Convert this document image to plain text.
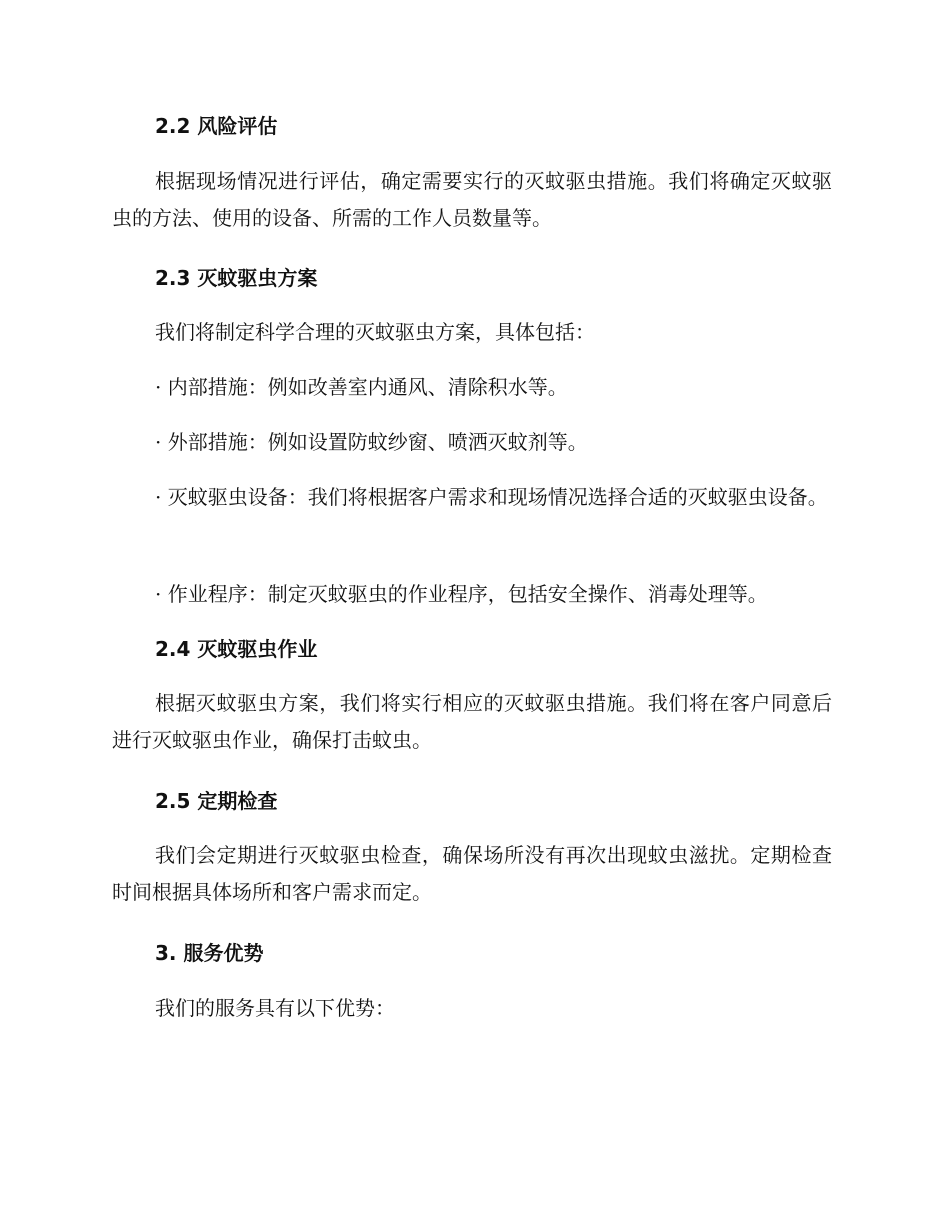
2.2 风险评估

根据现场情况进行评估，确定需要实行的灭蚊驱虫措施。我们将确定灭蚊驱虫的方法、使用的设备、所需的工作人员数量等。

2.3 灭蚊驱虫方案

我们将制定科学合理的灭蚊驱虫方案，具体包括：

· 内部措施：例如改善室内通风、清除积水等。

· 外部措施：例如设置防蚊纱窗、喷洒灭蚊剂等。

· 灭蚊驱虫设备：我们将根据客户需求和现场情况选择合适的灭蚊驱虫设备。

· 作业程序：制定灭蚊驱虫的作业程序，包括安全操作、消毒处理等。

2.4 灭蚊驱虫作业

根据灭蚊驱虫方案，我们将实行相应的灭蚊驱虫措施。我们将在客户同意后进行灭蚊驱虫作业，确保打击蚊虫。

2.5 定期检查

我们会定期进行灭蚊驱虫检查，确保场所没有再次出现蚊虫滋扰。定期检查时间根据具体场所和客户需求而定。

3. 服务优势

我们的服务具有以下优势：
